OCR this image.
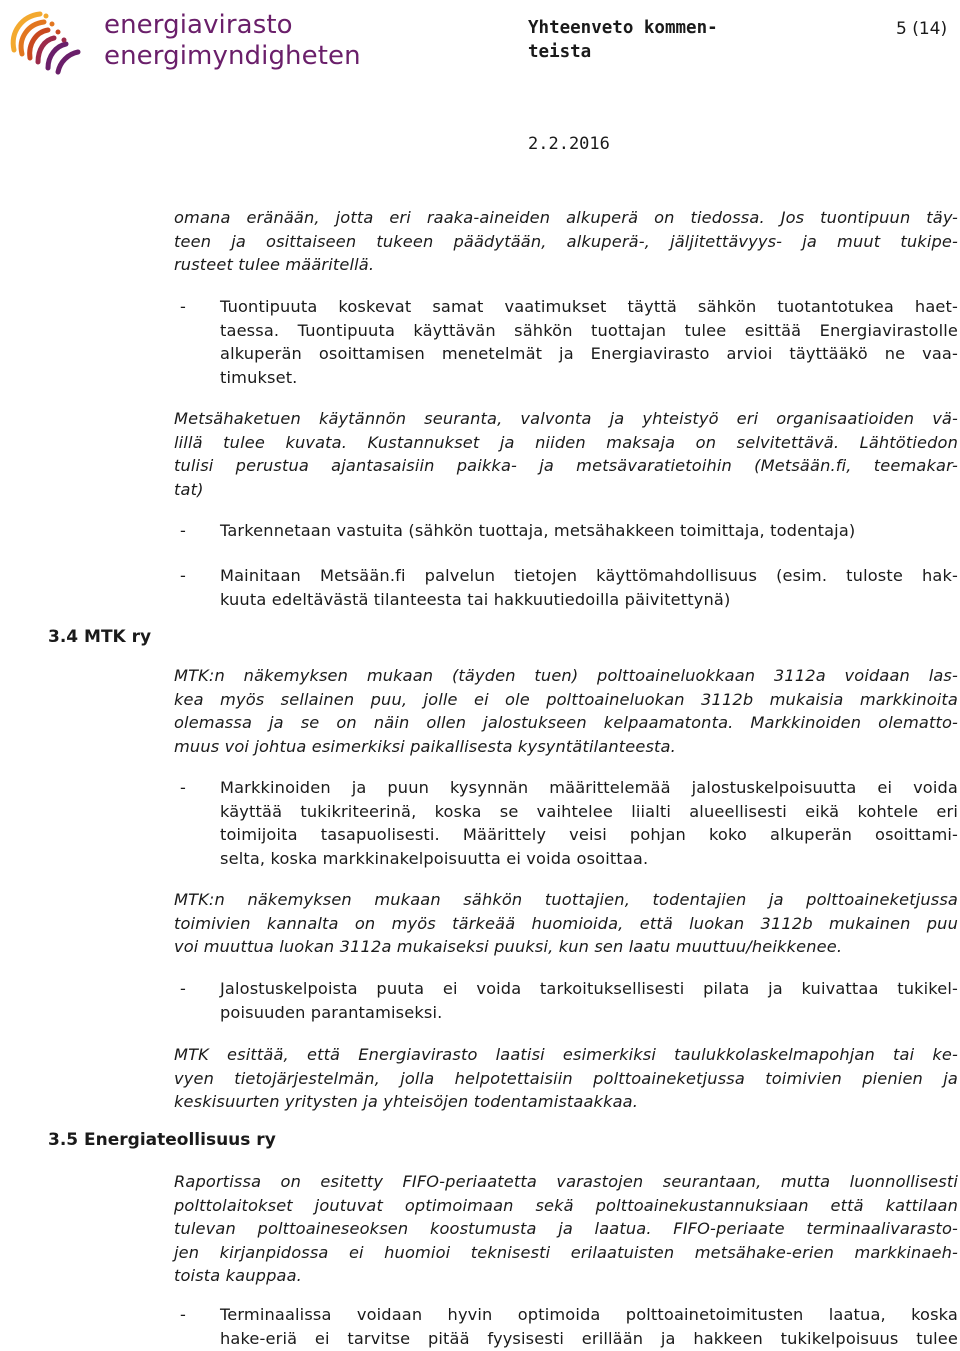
energiavirasto
energimyndigheten
Yhteenveto kommen-
teista
2.2.2016
5 (14)
omana eränään, jotta eri raaka-aineiden alkuperä on tiedossa. Jos tuontipuun täy-
teen ja osittaiseen tukeen päädytään, alkuperä-, jäljitettävyys- ja muut tukipe-
rusteet tulee määritellä.
- Tuontipuuta koskevat samat vaatimukset täyttä sähkön tuotantotukea haet-
taessa. Tuontipuuta käyttävän sähkön tuottajan tulee esittää Energiavirastolle
alkuperän osoittamisen menetelmät ja Energiavirasto arvioi täyttääkö ne vaa-
timukset.
Metsähaketuen käytännön seuranta, valvonta ja yhteistyö eri organisaatioiden vä-
lillä tulee kuvata. Kustannukset ja niiden maksaja on selvitettävä. Lähtötiedon
tulisi perustua ajantasaisiin paikka- ja metsävaratietoihin (Metsään.fi, teemakar-
tat)
- Tarkennetaan vastuita (sähkön tuottaja, metsähakkeen toimittaja, todentaja)
- Mainitaan Metsään.fi palvelun tietojen käyttömahdollisuus (esim. tuloste hak-
kuuta edeltävästä tilanteesta tai hakkuutiedoilla päivitettynä)
3.4 MTK ry
MTK:n näkemyksen mukaan (täyden tuen) polttoaineluokkaan 3112a voidaan las-
kea myös sellainen puu, jolle ei ole polttoaineluokan 3112b mukaisia markkinoita
olemassa ja se on näin ollen jalostukseen kelpaamatonta. Markkinoiden olematto-
muus voi johtua esimerkiksi paikallisesta kysyntätilanteesta.
- Markkinoiden ja puun kysynnän määrittelemää jalostuskelpoisuutta ei voida
käyttää tukikriteerinä, koska se vaihtelee liialti alueellisesti eikä kohtele eri
toimijoita tasapuolisesti. Määrittely veisi pohjan koko alkuperän osoittami-
selta, koska markkinakelpoisuutta ei voida osoittaa.
MTK:n näkemyksen mukaan sähkön tuottajien, todentajien ja polttoaineketjussa
toimivien kannalta on myös tärkeää huomioida, että luokan 3112b mukainen puu
voi muuttua luokan 3112a mukaiseksi puuksi, kun sen laatu muuttuu/heikkenee.
- Jalostuskelpoista puuta ei voida tarkoituksellisesti pilata ja kuivattaa tukikel-
poisuuden parantamiseksi.
MTK esittää, että Energiavirasto laatisi esimerkiksi taulukkolaskelmapohjan tai ke-
vyen tietojärjestelmän, jolla helpotettaisiin polttoaineketjussa toimivien pienien ja
keskisuurten yritysten ja yhteisöjen todentamistaakkaa.
3.5 Energiateollisuus ry
Raportissa on esitetty FIFO-periaatetta varastojen seurantaan, mutta luonnollisesti
polttolaitokset joutuvat optimoimaan sekä polttoainekustannuksiaan että kattilaan
tulevan polttoaineseoksen koostumusta ja laatua. FIFO-periaate terminaalivarasto-
jen kirjanpidossa ei huomioi teknisesti erilaatuisten metsähake-erien markkinaeh-
toista kauppaa.
- Terminaalissa voidaan hyvin optimoida polttoainetoimitusten laatua, koska
hake-eriä ei tarvitse pitää fyysisesti erillään ja hakkeen tukikelpoisuus tulee
